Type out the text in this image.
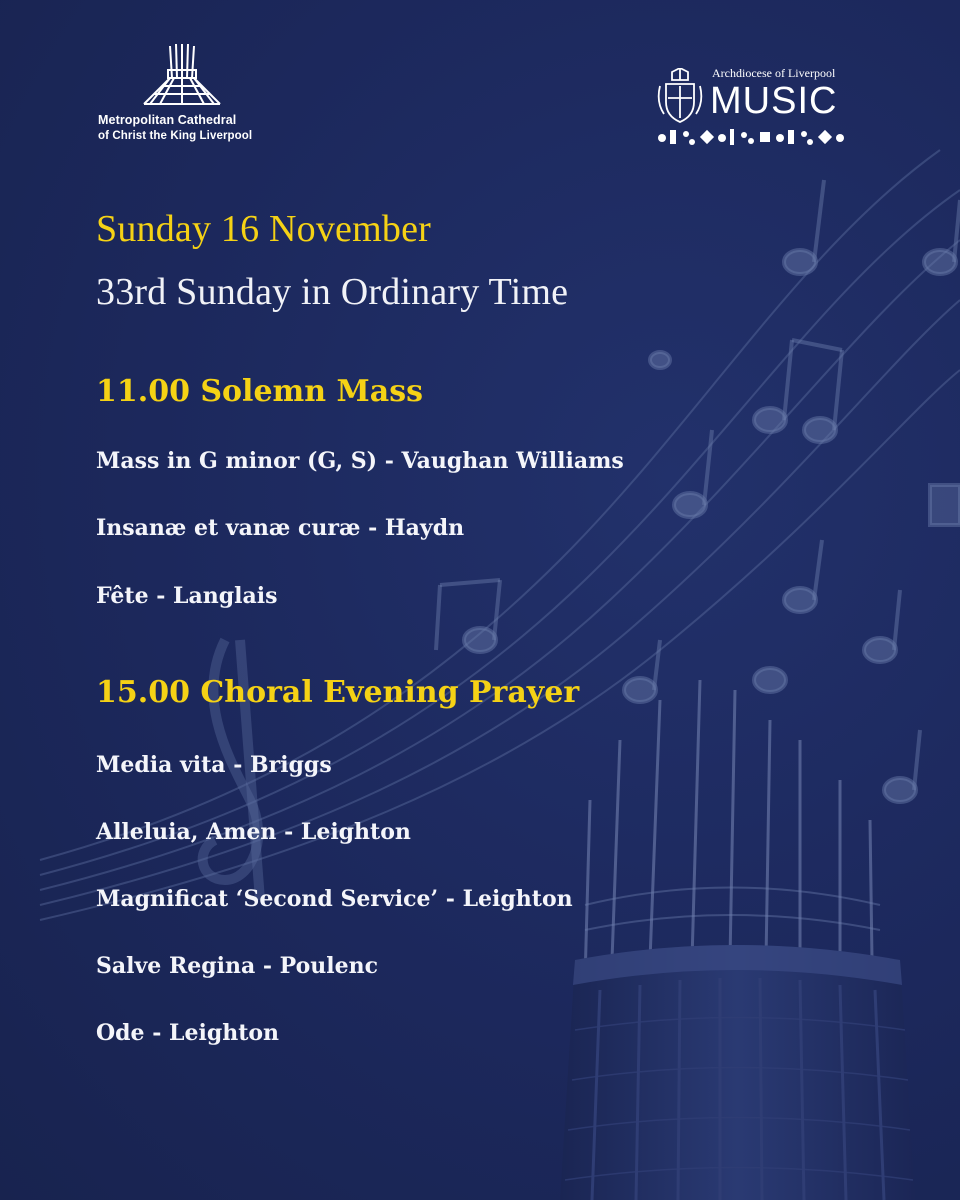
Metropolitan Cathedral
of Christ the King Liverpool
Archdiocese of Liverpool
MUSIC
Sunday 16 November
33rd Sunday in Ordinary Time
11.00 Solemn Mass
Mass in G minor (G, S) - Vaughan Williams
Insanæ et vanæ curæ - Haydn
Fête - Langlais
15.00 Choral Evening Prayer
Media vita - Briggs
Alleluia, Amen - Leighton
Magnificat ‘Second Service’ - Leighton
Salve Regina - Poulenc
Ode - Leighton
